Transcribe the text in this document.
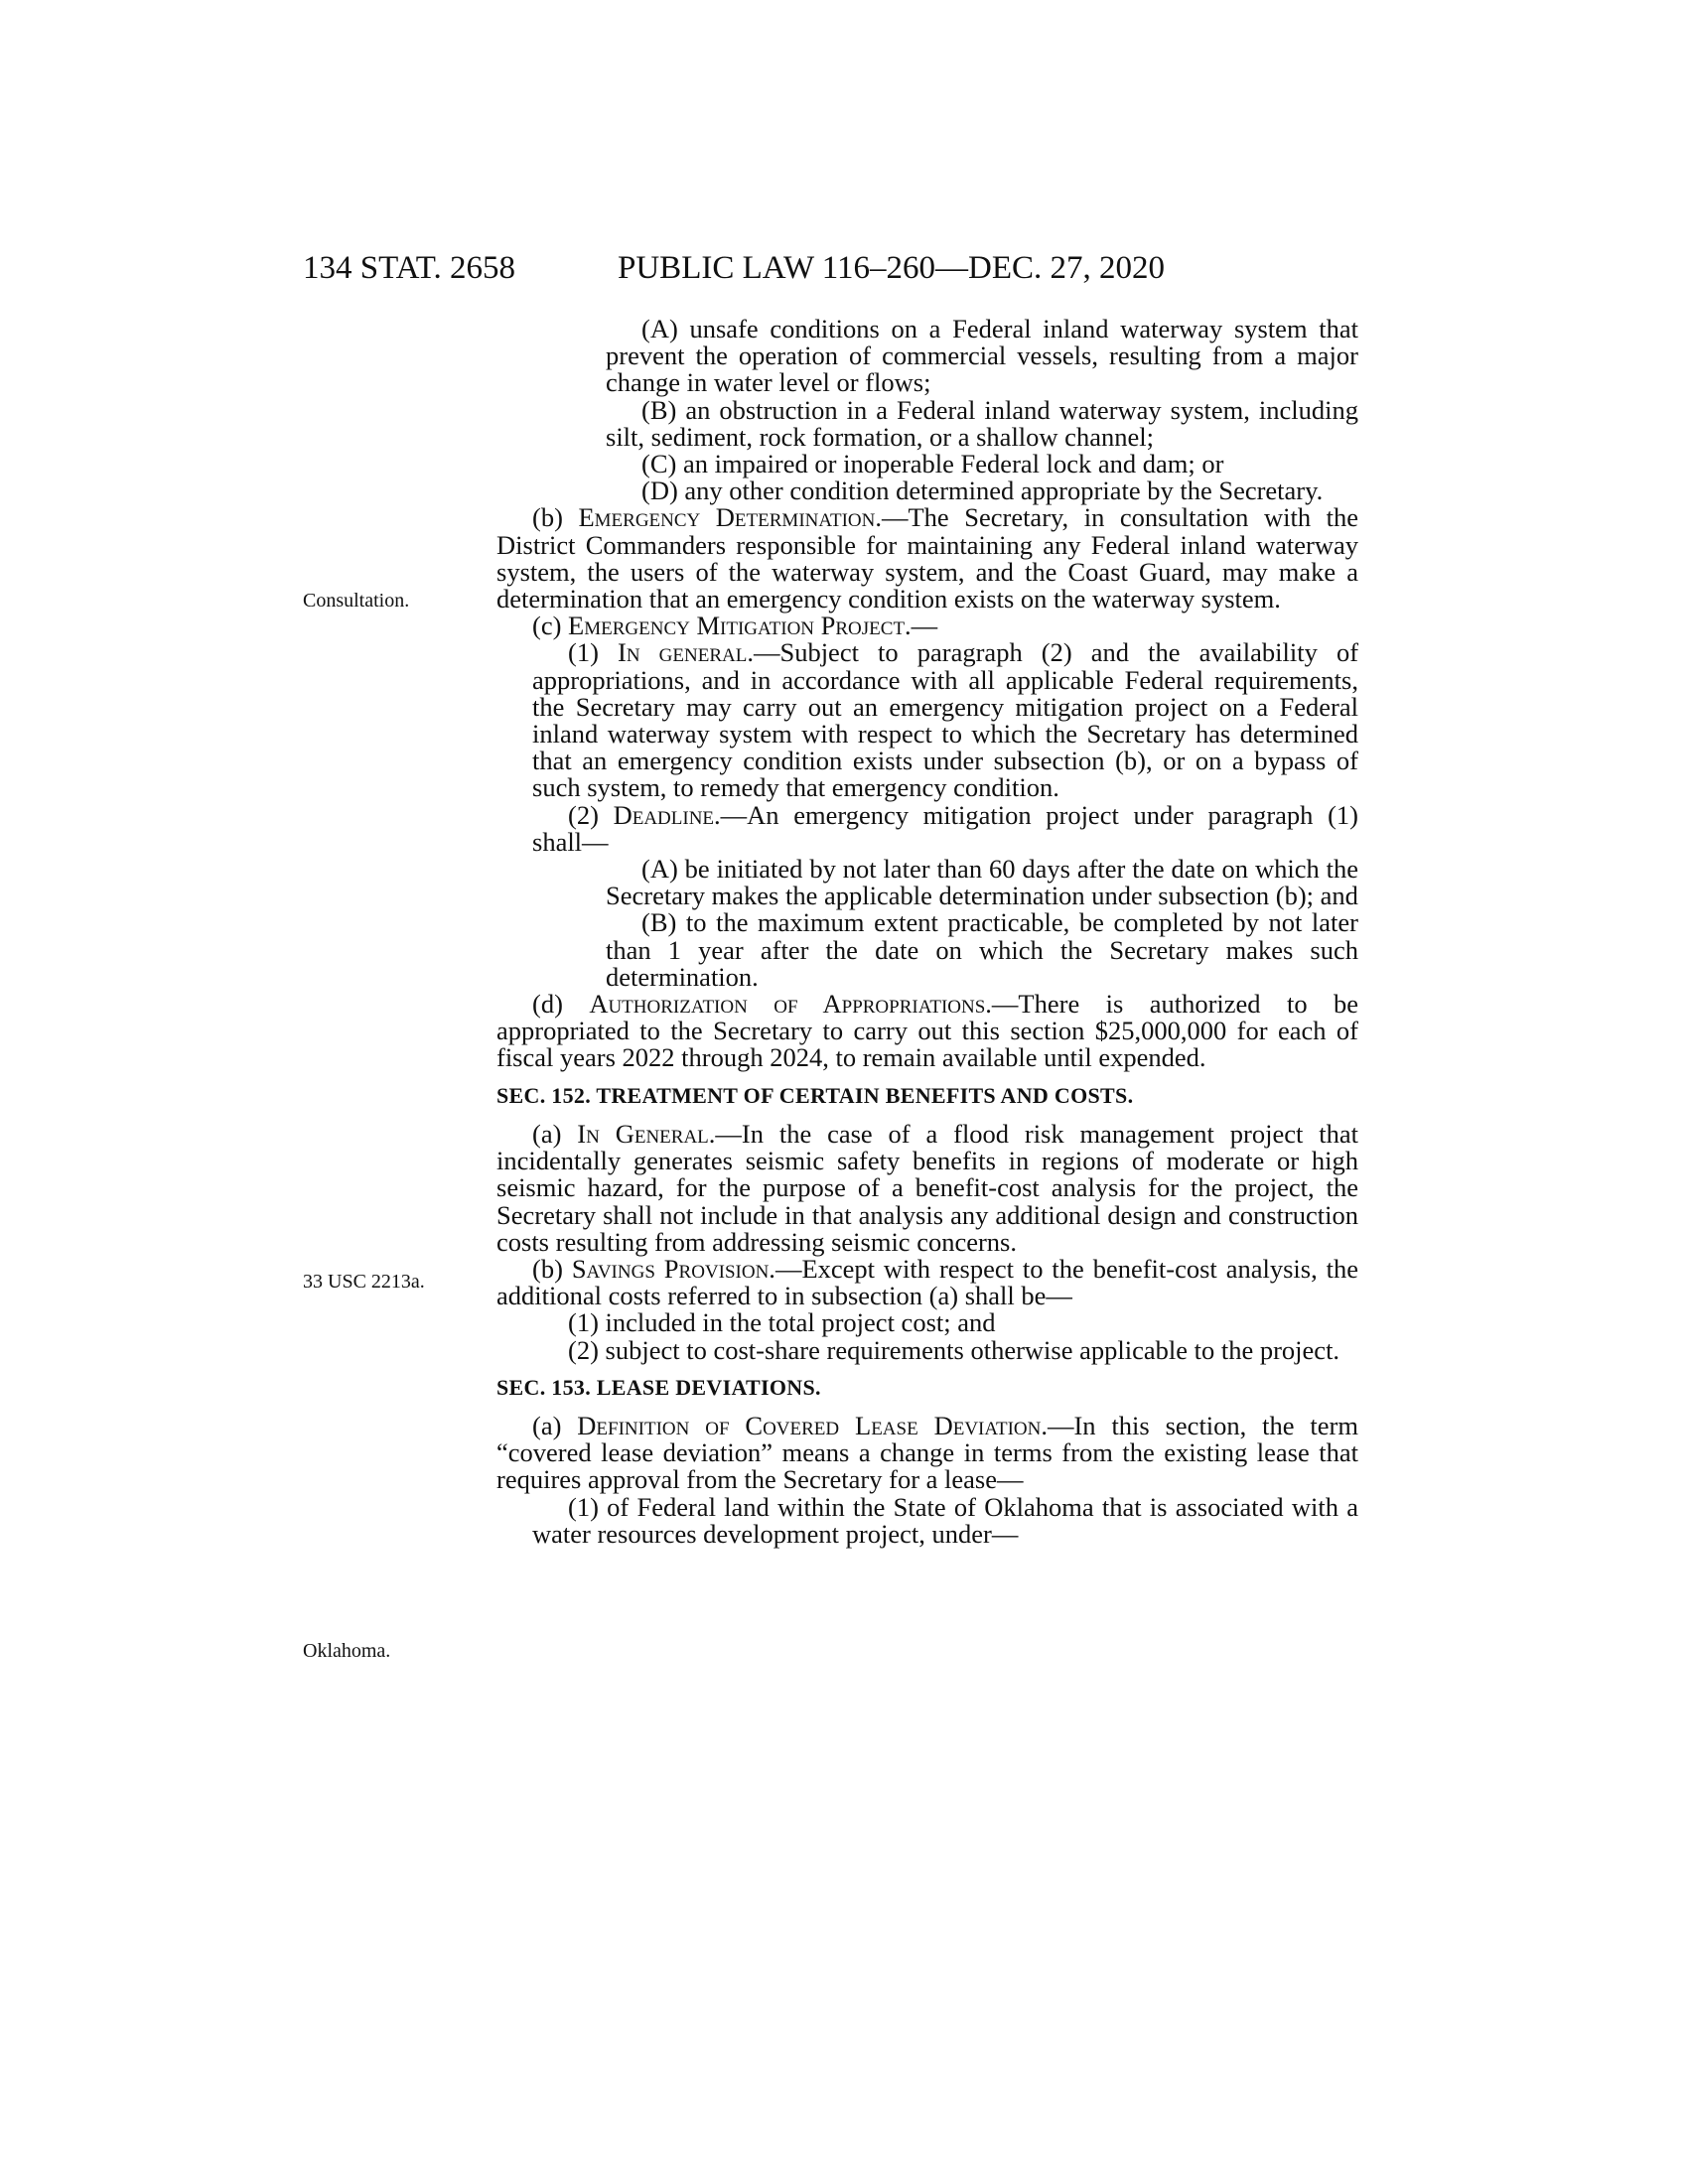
134 STAT. 2658	PUBLIC LAW 116–260—DEC. 27, 2020
Consultation.
33 USC 2213a.
Oklahoma.

(A) unsafe conditions on a Federal inland waterway system that prevent the operation of commercial vessels, resulting from a major change in water level or flows;

(B) an obstruction in a Federal inland waterway system, including silt, sediment, rock formation, or a shallow channel;

(C) an impaired or inoperable Federal lock and dam; or

(D) any other condition determined appropriate by the Secretary.

(b) Emergency Determination.—The Secretary, in consultation with the District Commanders responsible for maintaining any Federal inland waterway system, the users of the waterway system, and the Coast Guard, may make a determination that an emergency condition exists on the waterway system.

(c) Emergency Mitigation Project.—

(1) In general.—Subject to paragraph (2) and the availability of appropriations, and in accordance with all applicable Federal requirements, the Secretary may carry out an emergency mitigation project on a Federal inland waterway system with respect to which the Secretary has determined that an emergency condition exists under subsection (b), or on a bypass of such system, to remedy that emergency condition.

(2) Deadline.—An emergency mitigation project under paragraph (1) shall—

(A) be initiated by not later than 60 days after the date on which the Secretary makes the applicable determination under subsection (b); and

(B) to the maximum extent practicable, be completed by not later than 1 year after the date on which the Secretary makes such determination.

(d) Authorization of Appropriations.—There is authorized to be appropriated to the Secretary to carry out this section $25,000,000 for each of fiscal years 2022 through 2024, to remain available until expended.

SEC. 152. TREATMENT OF CERTAIN BENEFITS AND COSTS.

(a) In General.—In the case of a flood risk management project that incidentally generates seismic safety benefits in regions of moderate or high seismic hazard, for the purpose of a benefit-cost analysis for the project, the Secretary shall not include in that analysis any additional design and construction costs resulting from addressing seismic concerns.

(b) Savings Provision.—Except with respect to the benefit-cost analysis, the additional costs referred to in subsection (a) shall be—

(1) included in the total project cost; and

(2) subject to cost-share requirements otherwise applicable to the project.

SEC. 153. LEASE DEVIATIONS.

(a) Definition of Covered Lease Deviation.—In this section, the term “covered lease deviation” means a change in terms from the existing lease that requires approval from the Secretary for a lease—

(1) of Federal land within the State of Oklahoma that is associated with a water resources development project, under—
